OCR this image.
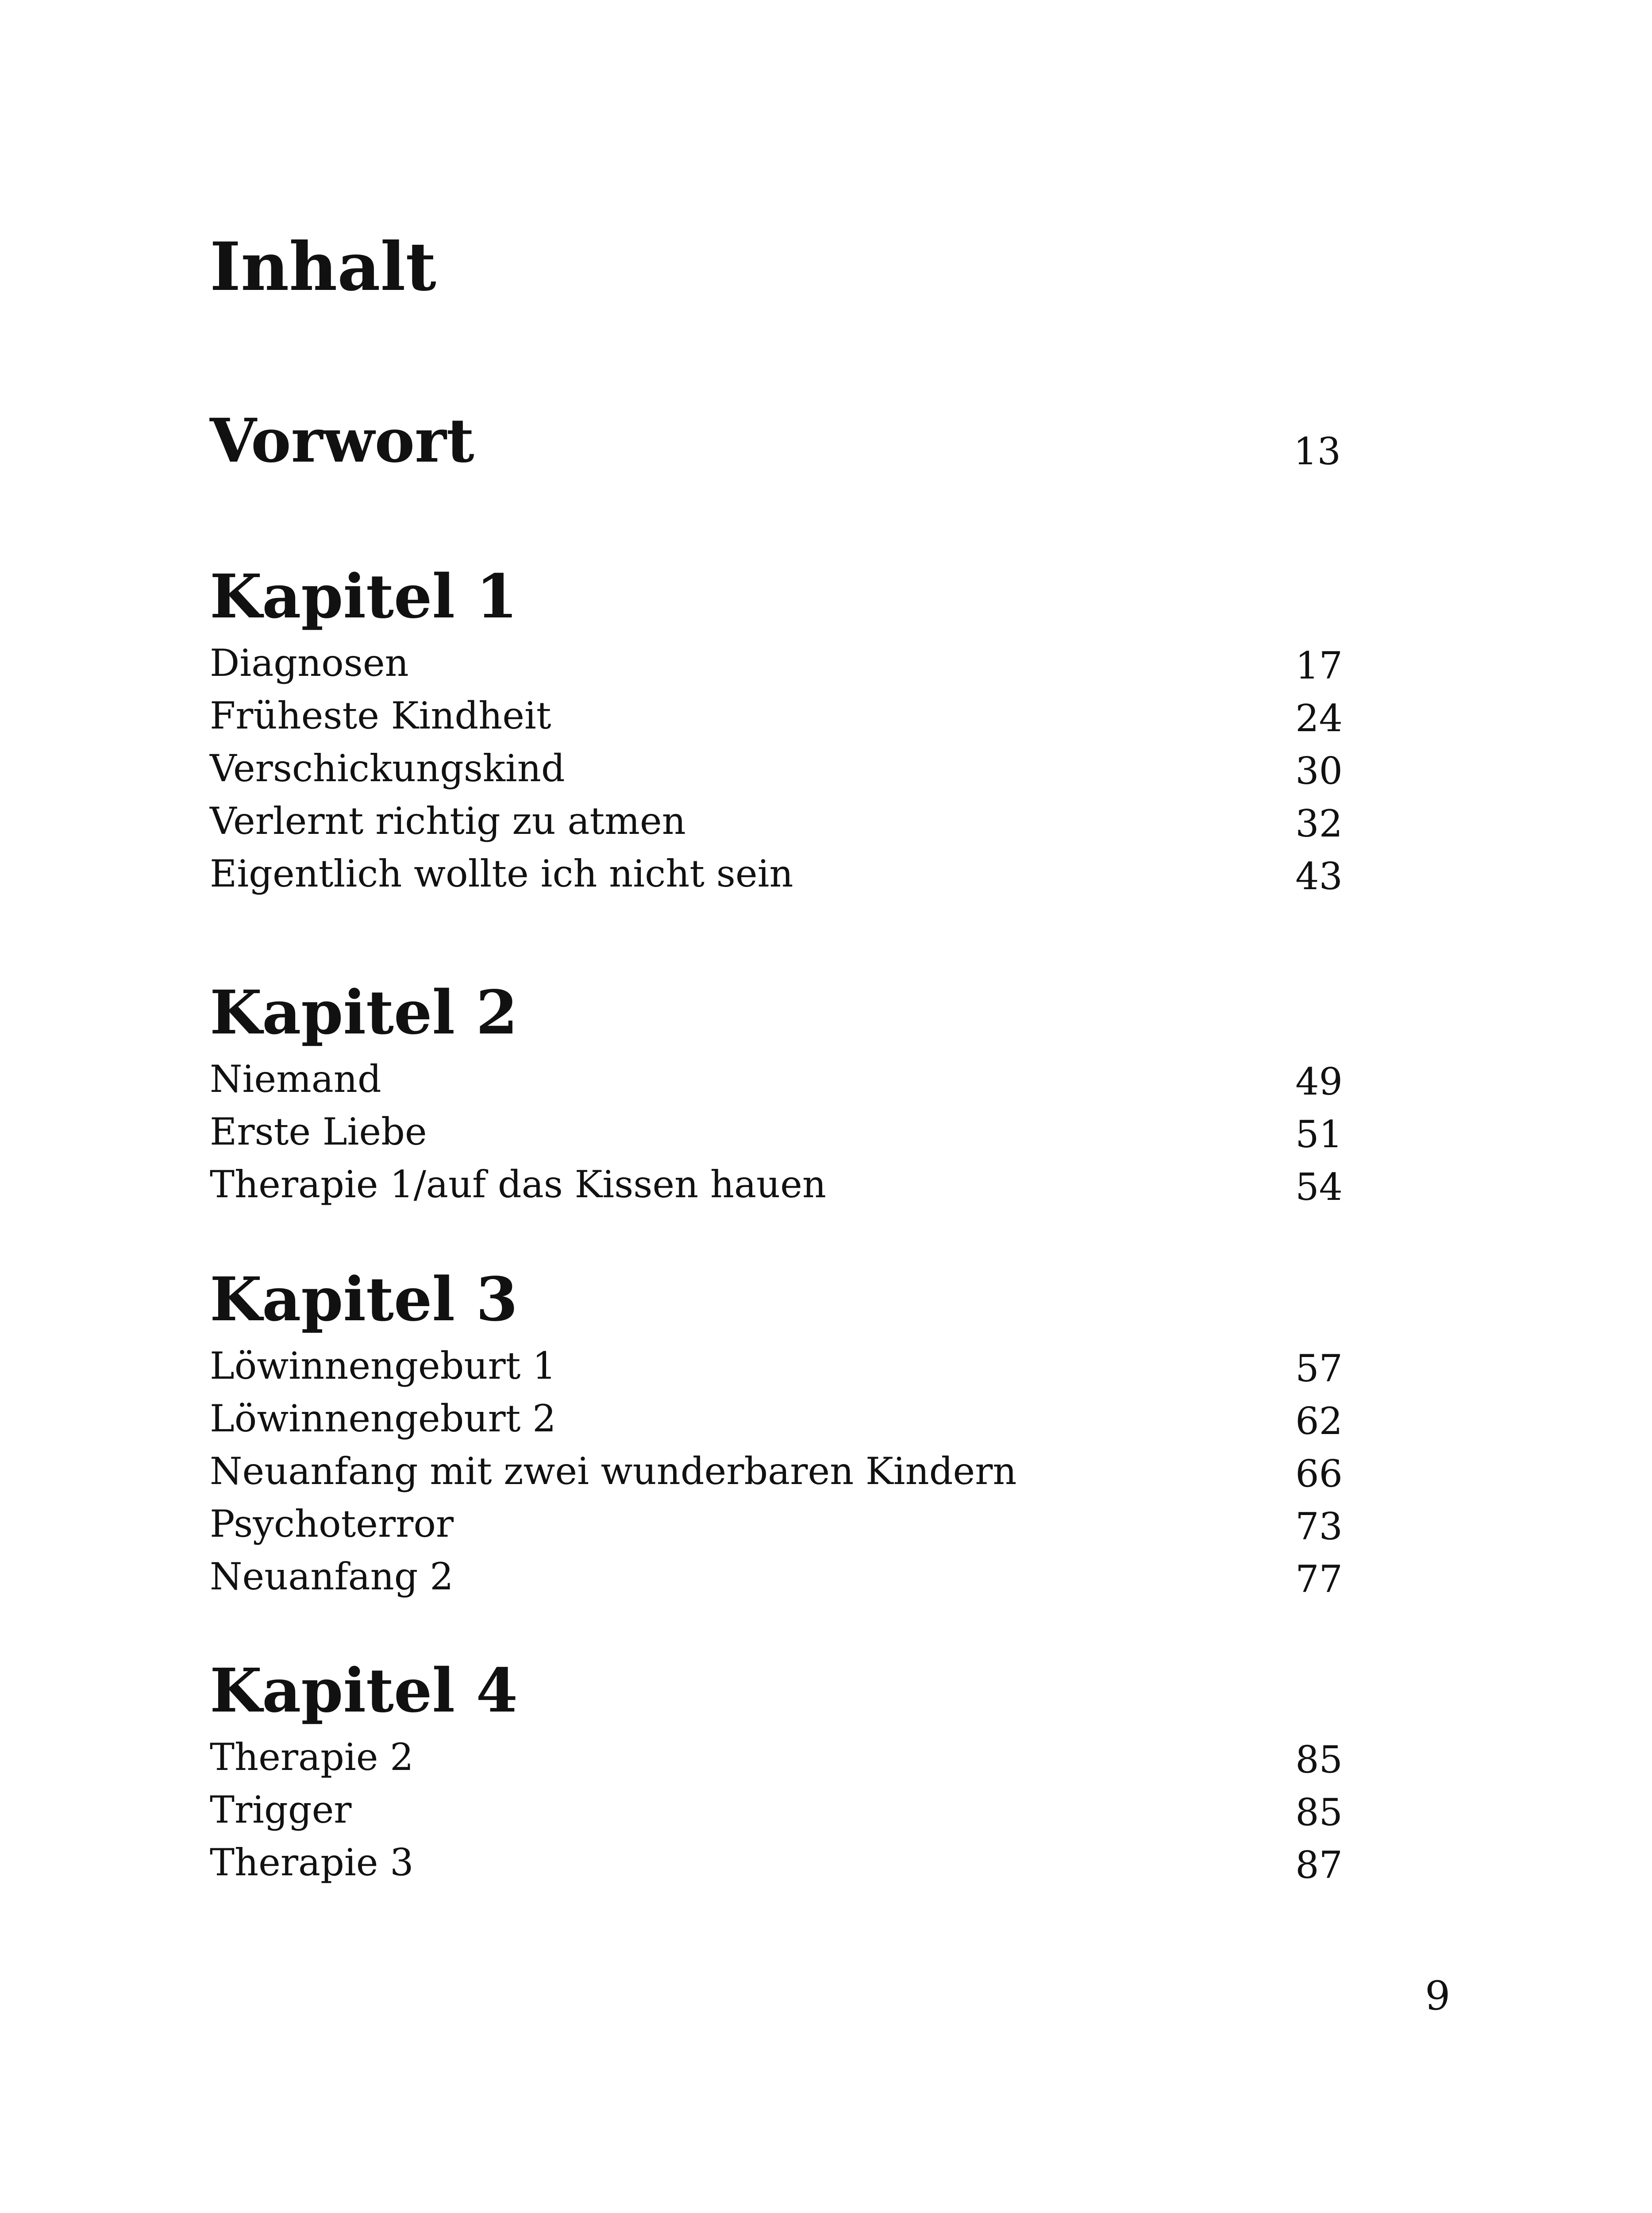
Inhalt
Vorwort	13
Kapitel 1
Diagnosen	17
Früheste Kindheit	24
Verschickungskind	30
Verlernt richtig zu atmen	32
Eigentlich wollte ich nicht sein	43
Kapitel 2
Niemand	49
Erste Liebe	51
Therapie 1/auf das Kissen hauen	54
Kapitel 3
Löwinnengeburt 1	57
Löwinnengeburt 2	62
Neuanfang mit zwei wunderbaren Kindern	66
Psychoterror	73
Neuanfang 2	77
Kapitel 4
Therapie 2	85
Trigger	85
Therapie 3	87
9
